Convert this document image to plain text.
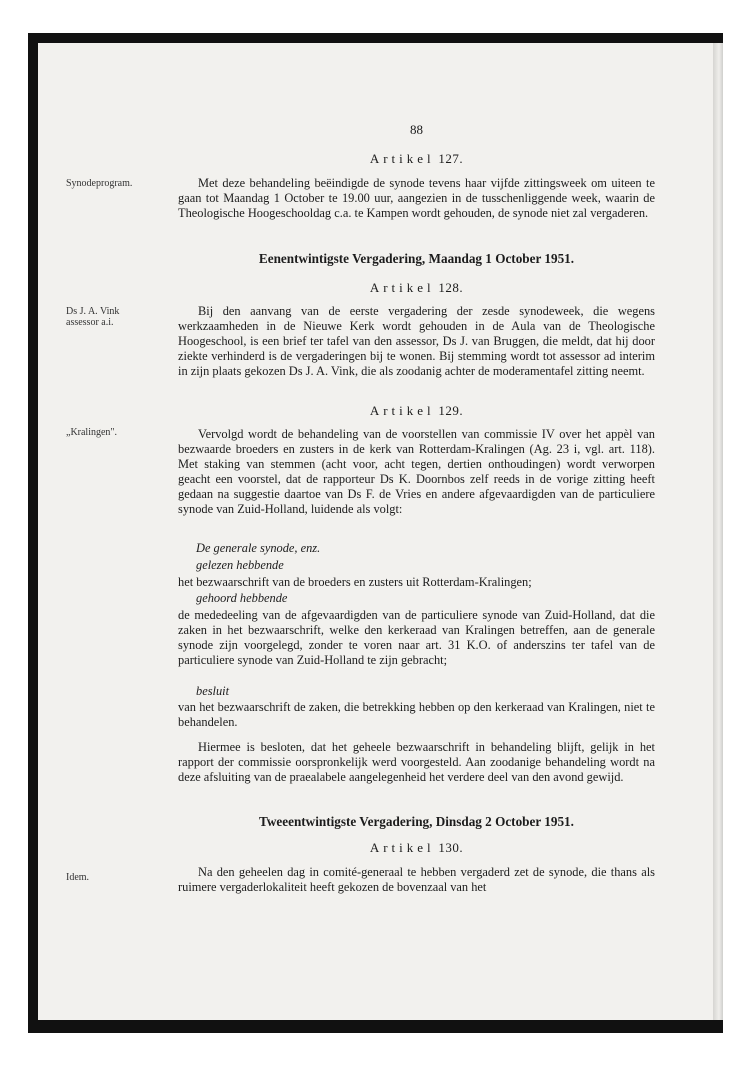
88
Artikel 127.
Synodeprogram.	Met deze behandeling beëindigde de synode tevens haar vijfde zittingsweek om uiteen te gaan tot Maandag 1 October te 19.00 uur, aangezien in de tusschenliggende week, waarin de Theologische Hoogeschooldag c.a. te Kampen wordt gehouden, de synode niet zal vergaderen.
Eenentwintigste Vergadering, Maandag 1 October 1951.
Artikel 128.
Ds J. A. Vink
assessor a.i.
Bij den aanvang van de eerste vergadering der zesde synodeweek, die wegens werkzaamheden in de Nieuwe Kerk wordt gehouden in de Aula van de Theologische Hoogeschool, is een brief ter tafel van den assessor, Ds J. van Bruggen, die meldt, dat hij door ziekte verhinderd is de vergaderingen bij te wonen. Bij stemming wordt tot assessor ad interim in zijn plaats gekozen Ds J. A. Vink, die als zoodanig achter de moderamentafel zitting neemt.
Artikel 129.
„Kralingen".	Vervolgd wordt de behandeling van de voorstellen van commissie IV over het appèl van bezwaarde broeders en zusters in de kerk van Rotterdam-Kralingen (Ag. 23 i, vgl. art. 118). Met staking van stemmen (acht voor, acht tegen, dertien onthoudingen) wordt verworpen geacht een voorstel, dat de rapporteur Ds K. Doornbos zelf reeds in de vorige zitting heeft gedaan na suggestie daartoe van Ds F. de Vries en andere afgevaardigden van de particuliere synode van Zuid-Holland, luidende als volgt:
De generale synode, enz.
gelezen hebbende
het bezwaarschrift van de broeders en zusters uit Rotterdam-Kralingen;
gehoord hebbende
de mededeeling van de afgevaardigden van de particuliere synode van Zuid-Holland, dat die zaken in het bezwaarschrift, welke den kerkeraad van Kralingen betreffen, aan de generale synode zijn voorgelegd, zonder te voren naar art. 31 K.O. of anderszins ter tafel van de particuliere synode van Zuid-Holland te zijn gebracht;
besluit
van het bezwaarschrift de zaken, die betrekking hebben op den kerkeraad van Kralingen, niet te behandelen.
Hiermee is besloten, dat het geheele bezwaarschrift in behandeling blijft, gelijk in het rapport der commissie oorspronkelijk werd voorgesteld. Aan zoodanige behandeling wordt na deze afsluiting van de praealabele aangelegenheid het verdere deel van den avond gewijd.
Tweeentwintigste Vergadering, Dinsdag 2 October 1951.
Artikel 130.
Idem.	Na den geheelen dag in comité-generaal te hebben vergaderd zet de synode, die thans als ruimere vergaderlokaliteit heeft gekozen de bovenzaal van het
